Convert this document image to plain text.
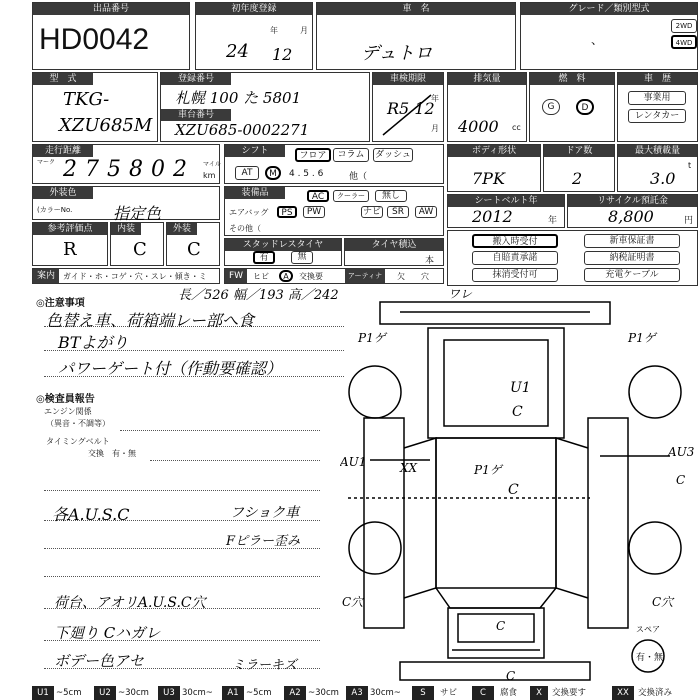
出品番号
HD0042
初年度登録
年	月
24 12
車　名
デュトロ
グレード／類別型式
、
2WD
4WD
型　式
TKG-
XZU685M
登録番号
札幌 100 た 5801
車台番号
XZU685-0002271
車検期限
年
月
R5 12
排気量
4000 cc
燃　料
G	D
車　歴
事業用
レンタカー
走行距離
マーク 275802 マイル
km
シフト	フロア	コラム	ダッシュ
AT	M	4 . 5 . 6	他（
ボディ形状
7PK
ドア数
2
最大積載量
t
3.0
外装色
(カラーNo.	指定色
装備品	AC	クーラー	無し
エアバッグ	PS	PW	ナビ	SR	AW
その他（
シートベルト年
2012	年
リサイクル預託金
8,800	円
参考評価点
R
内装
C
外装
C	スタッドレスタイヤ
有	無
タイヤ積込
本
搬入時受付
自賠責承諾
抹消受付可
新車保証書
納税証明書
充電ケーブル
案内	ガイド・ホ・コゲ・穴・スレ・傾き・ミ	FW	ヒビ	A	交換要	アーティナ	欠 穴
長／526 幅／193 高／242
◎注意事項
色替え車、荷箱端レー部へ食
BTよがり
パワーゲート付（作動要確認）
◎検査員報告
エンジン関係
（異音・不調等）
タイミングベルト
交換　有・無
各A.U.S.C	フショク車
Fピラー歪み
荷台、アオリA.U.S.C穴
下廻り Cハガレ
ボデー色アセ	ミラーキズ
ワレ
P1ゲ	P1ゲ
U1
C
AU1	XX	P1ゲ
C
AU3
C
C穴	C穴
C
C
スペア
有・無
U1 ~5cm	U2 ~30cm	U3 30cm~	A1 ~5cm	A2 ~30cm	A3 30cm~	S	サビ	C	腐食	X	交換要す	XX	交換済み
